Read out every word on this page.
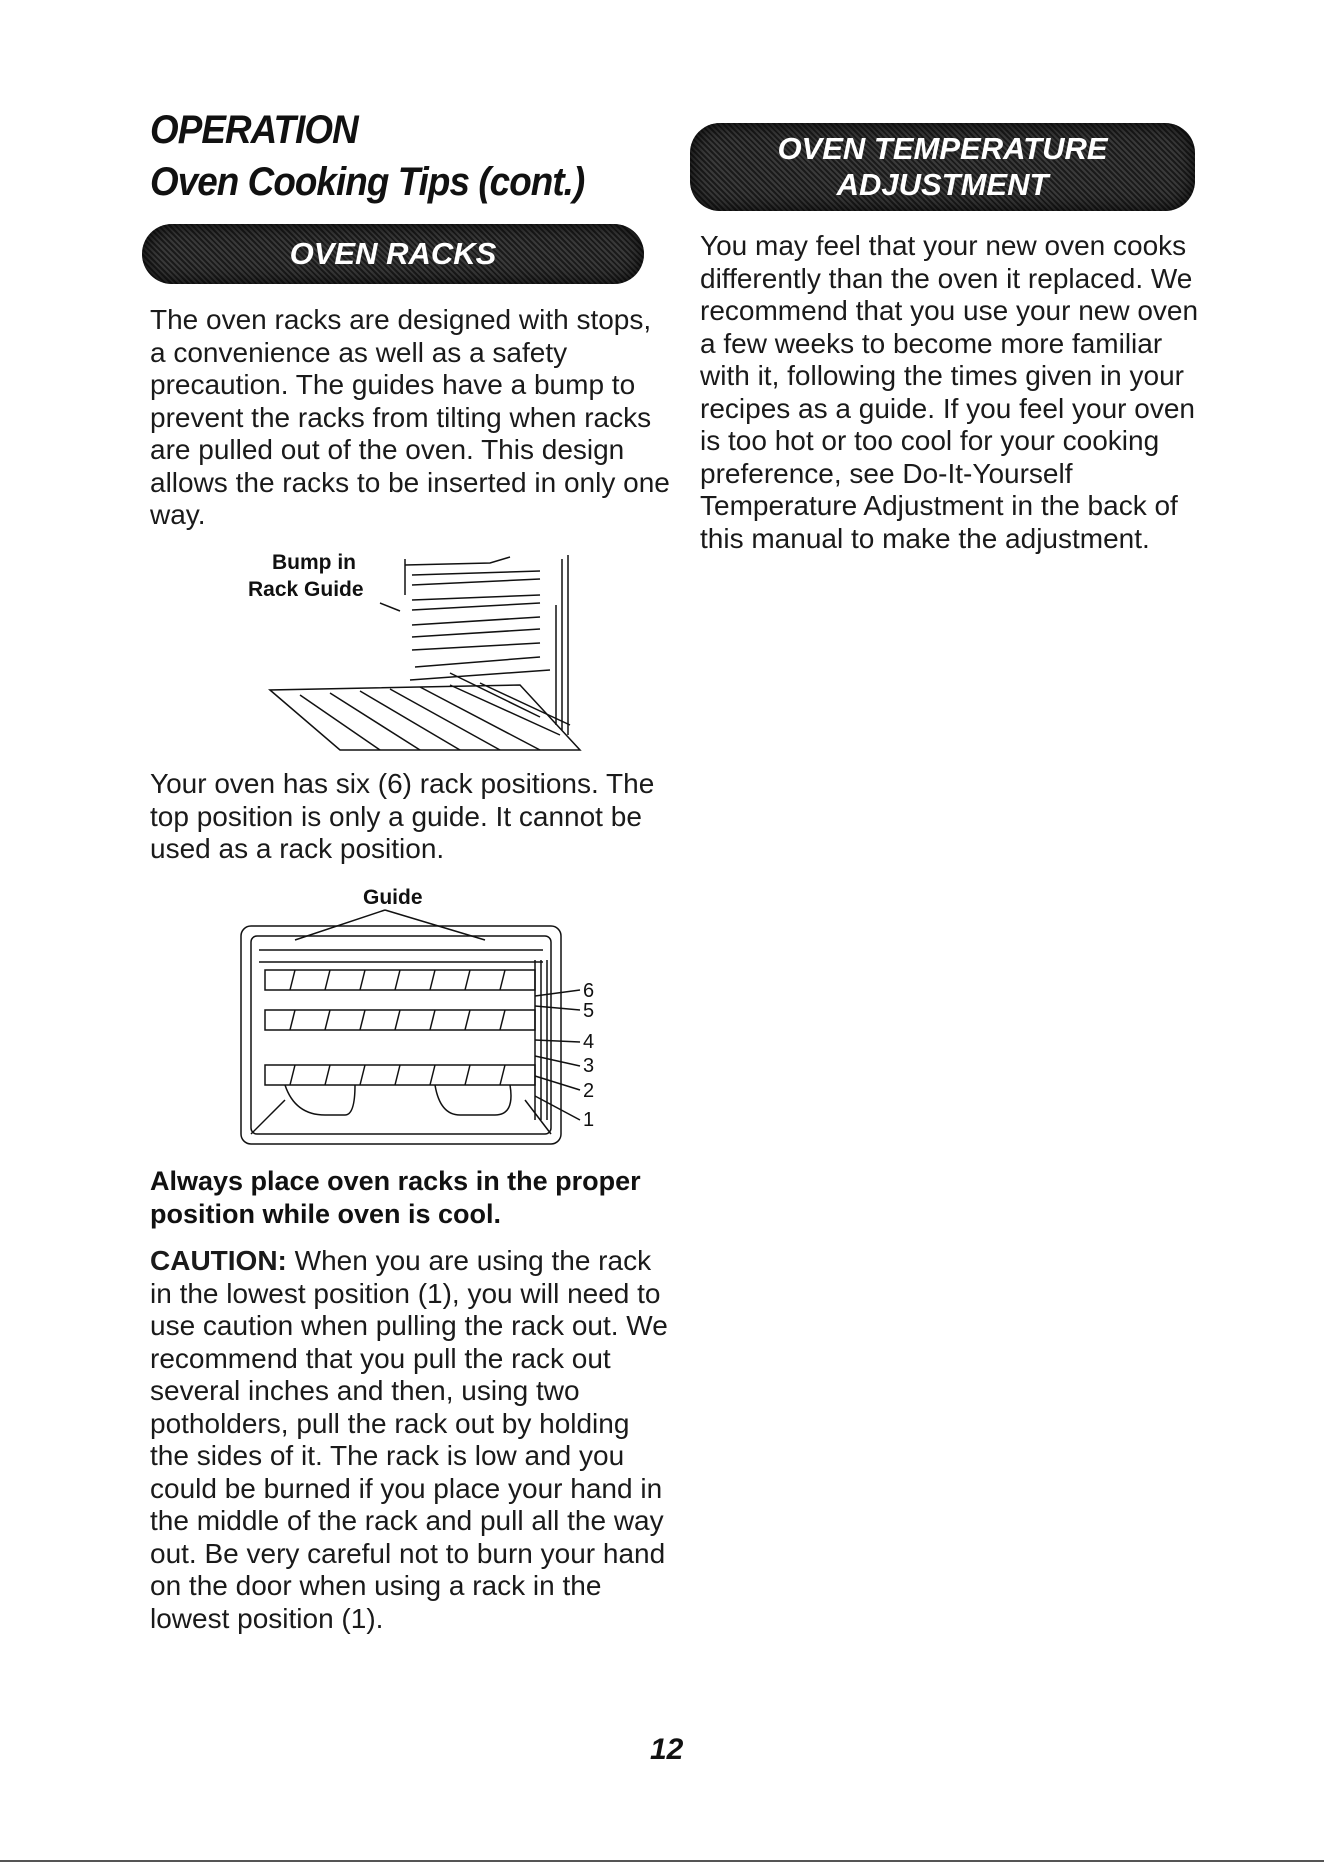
OPERATION
Oven Cooking Tips (cont.)
OVEN RACKS
The oven racks are designed with stops, a convenience as well as a safety precaution. The guides have a bump to prevent the racks from tilting when racks are pulled out of the oven. This design allows the racks to be inserted in only one way.
Bump in
Rack Guide
Your oven has six (6) rack positions. The top position is only a guide. It cannot be used as a rack position.
Guide
6
5
4
3
2
1
Always place oven racks in the proper position while oven is cool.
CAUTION: When you are using the rack in the lowest position (1), you will need to use caution when pulling the rack out. We recommend that you pull the rack out several inches and then, using two potholders, pull the rack out by holding the sides of it. The rack is low and you could be burned if you place your hand in the middle of the rack and pull all the way out. Be very careful not to burn your hand on the door when using a rack in the lowest position (1).
OVEN TEMPERATURE
ADJUSTMENT
You may feel that your new oven cooks differently than the oven it replaced. We recommend that you use your new oven a few weeks to become more familiar with it, following the times given in your recipes as a guide. If you feel your oven is too hot or too cool for your cooking preference, see Do-It-Yourself Temperature Adjustment in the back of this manual to make the adjustment.
12
